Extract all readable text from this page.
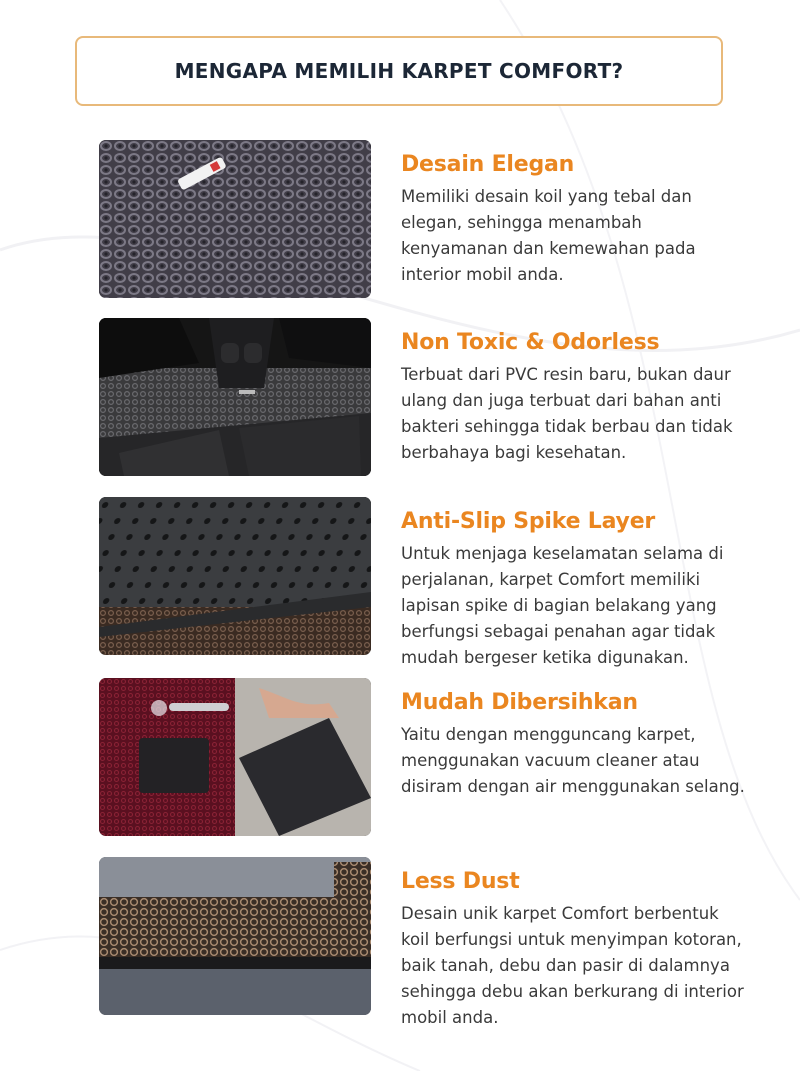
MENGAPA MEMILIH KARPET COMFORT?
Desain Elegan

Memiliki desain koil yang tebal dan elegan, sehingga menambah kenyamanan dan kemewahan pada interior mobil anda.

Non Toxic & Odorless

Terbuat dari PVC resin baru, bukan daur ulang dan juga terbuat dari bahan anti bakteri sehingga tidak berbau dan tidak berbahaya bagi kesehatan.

Anti-Slip Spike Layer

Untuk menjaga keselamatan selama di perjalanan, karpet Comfort memiliki lapisan spike di bagian belakang yang berfungsi sebagai penahan agar tidak mudah bergeser ketika digunakan.

Mudah Dibersihkan

Yaitu dengan mengguncang karpet, menggunakan vacuum cleaner atau disiram dengan air menggunakan selang.

Less Dust

Desain unik karpet Comfort berbentuk koil berfungsi untuk menyimpan kotoran, baik tanah, debu dan pasir di dalamnya sehingga debu akan berkurang di interior mobil anda.
